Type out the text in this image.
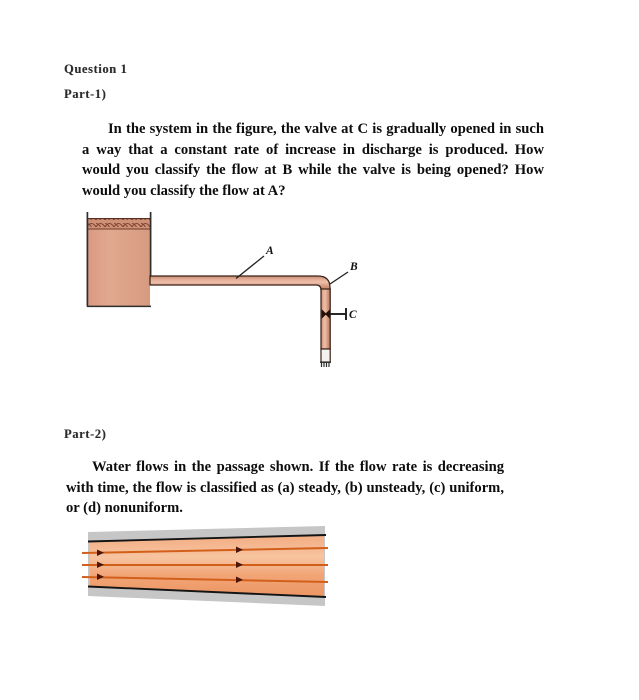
Question 1
Part-1)
In the system in the figure, the valve at C is gradually opened in such a way that a constant rate of increase in discharge is produced. How would you classify the flow at B while the valve is being opened? How would you classify the flow at A?
A
B
C
Part-2)
Water flows in the passage shown. If the flow rate is decreasing with time, the flow is classified as (a) steady, (b) unsteady, (c) uniform, or (d) nonuniform.
